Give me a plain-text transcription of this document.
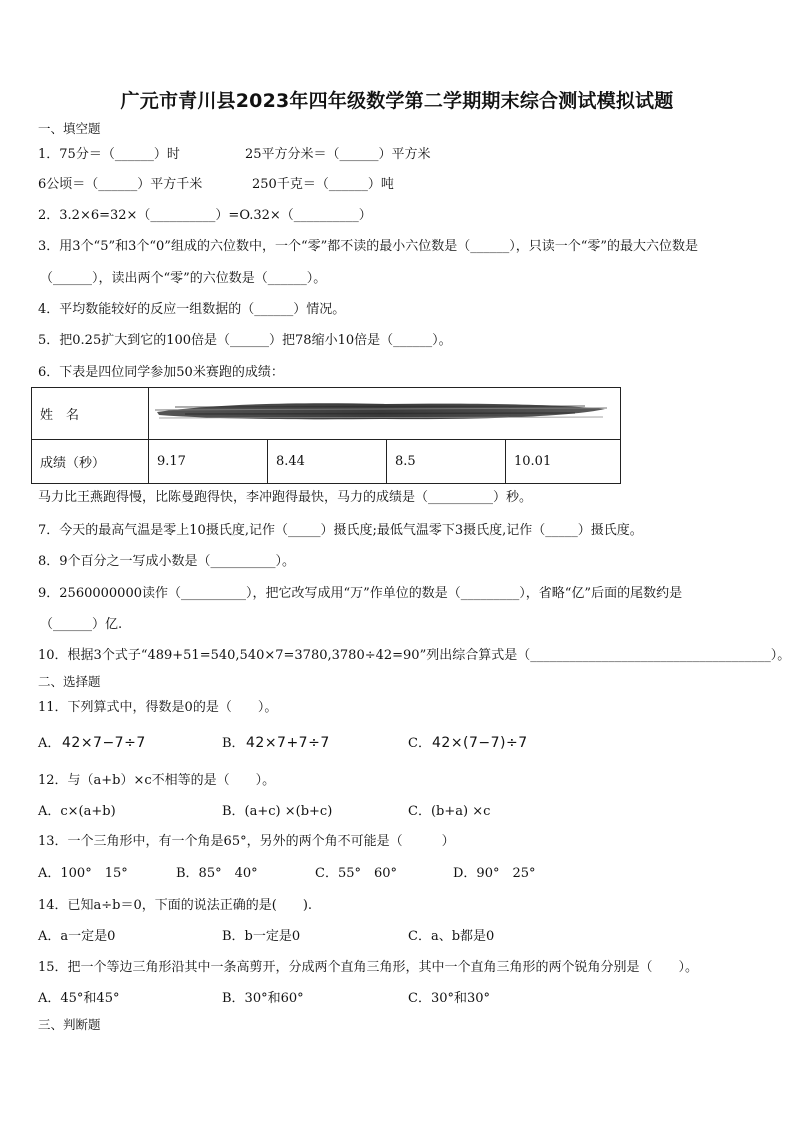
广元市青川县2023年四年级数学第二学期期末综合测试模拟试题
一、填空题
1．75分＝（______）时	25平方分米＝（______）平方米
6公顷＝（______）平方千米	250千克＝（______）吨
2．3.2×6=32×（__________）=O.32×（__________）
3．用3个“5”和3个“0”组成的六位数中，一个“零”都不读的最小六位数是（______），只读一个“零”的最大六位数是
（______），读出两个“零”的六位数是（______）。
4．平均数能较好的反应一组数据的（______）情况。
5．把0.25扩大到它的100倍是（______）把78缩小10倍是（______）。
6．下表是四位同学参加50米赛跑的成绩：
姓　名	

成绩（秒）	9.17	8.44	8.5	10.01
马力比王燕跑得慢，比陈曼跑得快，李冲跑得最快，马力的成绩是（__________）秒。
7．今天的最高气温是零上10摄氏度,记作（_____）摄氏度;最低气温零下3摄氏度,记作（_____）摄氏度。
8．9个百分之一写成小数是（__________）。
9．2560000000读作（__________），把它改写成用“万”作单位的数是（_________），省略“亿”后面的尾数约是
（______）亿.
10．根据3个式子“489+51=540,540×7=3780,3780÷42=90”列出综合算式是（_____________________________________）。
二、选择题
11．下列算式中，得数是0的是（　　）。
A． 42×7−7÷7	B． 42×7+7÷7	C． 42×(7−7)÷7
12．与（a+b）×c不相等的是（　　）。
A．c×(a+b)	B．(a+c) ×(b+c)	C．(b+a) ×c
13．一个三角形中，有一个角是65°，另外的两个角不可能是（　　　）
A．100°　15°	B．85°　40°	C．55°　60°	D．90°　25°
14．已知a÷b＝0，下面的说法正确的是(　　).
A．a一定是0	B．b一定是0	C．a、b都是0
15．把一个等边三角形沿其中一条高剪开，分成两个直角三角形，其中一个直角三角形的两个锐角分别是（　　）。
A．45°和45°	B．30°和60°	C．30°和30°
三、判断题
